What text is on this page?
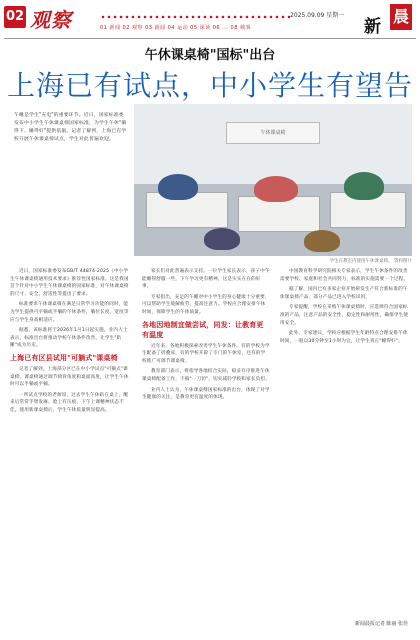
02 观察	2025.09.09 星期一
01 新闻 02 观察 03 新闻 04 运动 05 深读 06 ... 08 城事	新
晨
午休课桌椅"国标"出台
上海已有试点，中小学生有望告
午睡是学生"充电"的重要环节。近日，国家标准委发布中小学生午休课桌椅国家标准，为学生午休"躺得下、睡得好"提供依据。记者了解到，上海已有学校开展午休课桌椅试点，学生对此普遍欢迎。
午休课桌椅
学生在教室内使用午休课桌椅。 资料图片

近日，国家标准委发布GB/T 44874-2025《中小学生午休课桌椅通用技术要求》推荐性国家标准。这是我国首个针对中小学生午休课桌椅的国家标准，对午休课桌椅的尺寸、安全、舒适性等提出了要求。

标准要求午休课桌椅在满足日常学习功能的同时，能为学生提供可平躺或半躺的午休条件，躺位长度、宽度等应与学生身高相适应。

据悉，该标准将于2026年1月1日起实施。业内人士表示，标准出台将推动学校午休条件改善，让学生"趴睡"成为历史。

上海已有区县试用"可躺式"课桌椅

记者了解到，上海部分区已在中小学试点"可躺式"课桌椅。课桌椅通过调节椅背角度和桌面高度，让学生午休时可以半躺或平躺。

一所试点学校的老师说，过去学生午休趴在桌上，醒来后常常手臂发麻、脸上有压痕，下午上课精神状态不佳。使用新课桌椅后，学生午休质量明显提高。

家长们对此普遍表示支持。一位学生家长表示，孩子中午能睡得舒服一些，下午学习更有精神，这是实实在在的好事。

专家指出，充足的午睡对中小学生的身心健康十分重要，可以帮助学生缓解疲劳、提高注意力。学校应合理安排午休时间，保障学生的午休质量。

各地因地制宜做尝试，同发：让教育更有温度

近年来，各地积极探索改善学生午休条件。有的学校为学生配备了折叠床，有的学校开辟了专门的午休室，还有的学校推广可调节课桌椅。

教育部门表示，将指导各地结合实际，稳妥有序推进午休课桌椅配备工作，不搞"一刀切"，切实减轻学校和家长负担。

业内人士认为，午休课桌椅国家标准的出台，体现了对学生健康的关注，是教育更有温度的体现。

中国教育科学研究院相关专家表示，学生午休条件的改善需要学校、家庭和社会共同努力，标准的实施需要一个过程。

据了解，国内已有多家企业开始研发生产符合新标准的午休课桌椅产品，部分产品已进入学校试用。

专家提醒，学校在采购午休课桌椅时，应选择符合国家标准的产品，注意产品的安全性、稳定性和耐用性，确保学生使用安全。

此外，专家建议，学校应根据学生年龄特点合理安排午休时间，一般以30分钟至1小时为宜，让学生真正"睡得好"。

新闻晨报记者 陈丽 张佳
